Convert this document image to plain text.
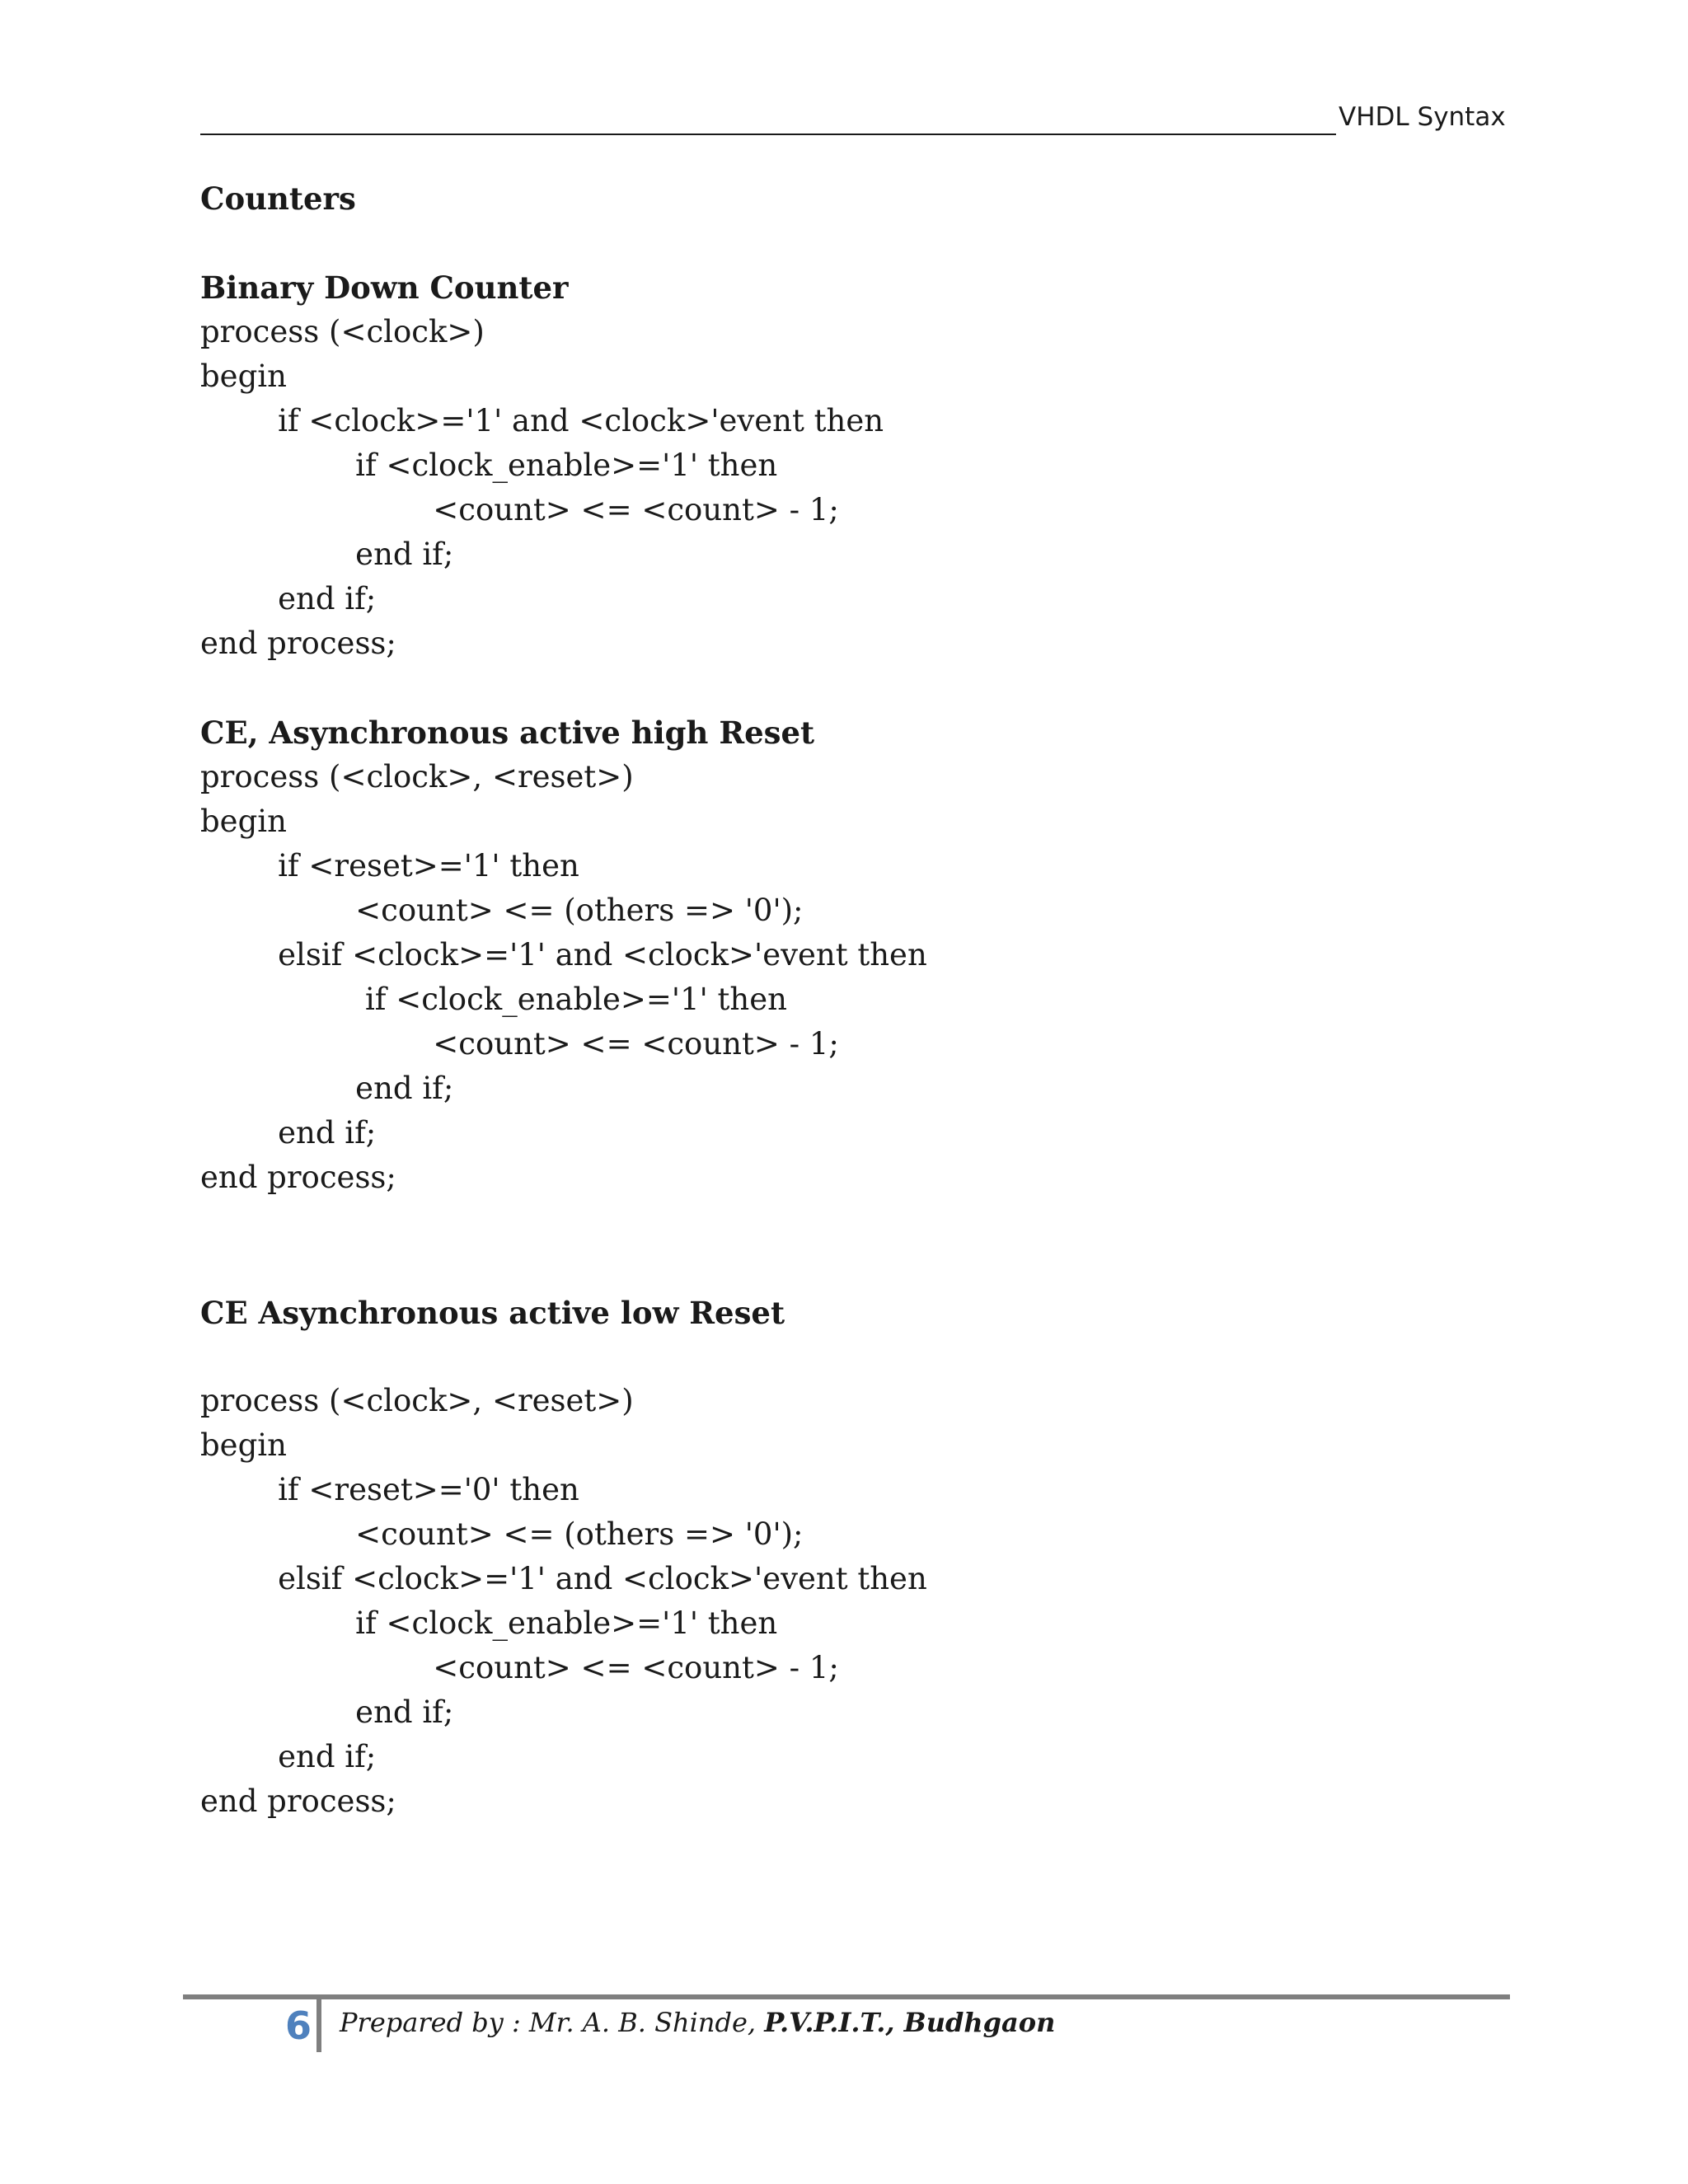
VHDL Syntax
Counters
Binary Down Counter
process (<clock>)
begin
if <clock>='1' and <clock>'event then
if <clock_enable>='1' then
<count> <= <count> - 1;
end if;
end if;
end process;
CE, Asynchronous active high Reset
process (<clock>, <reset>)
begin
if <reset>='1' then
<count> <= (others => '0');
elsif <clock>='1' and <clock>'event then
if <clock_enable>='1' then
<count> <= <count> - 1;
end if;
end if;
end process;
CE Asynchronous active low Reset
process (<clock>, <reset>)
begin
if <reset>='0' then
<count> <= (others => '0');
elsif <clock>='1' and <clock>'event then
if <clock_enable>='1' then
<count> <= <count> - 1;
end if;
end if;
end process;
6 Prepared by : Mr. A. B. Shinde, P.V.P.I.T., Budhgaon
